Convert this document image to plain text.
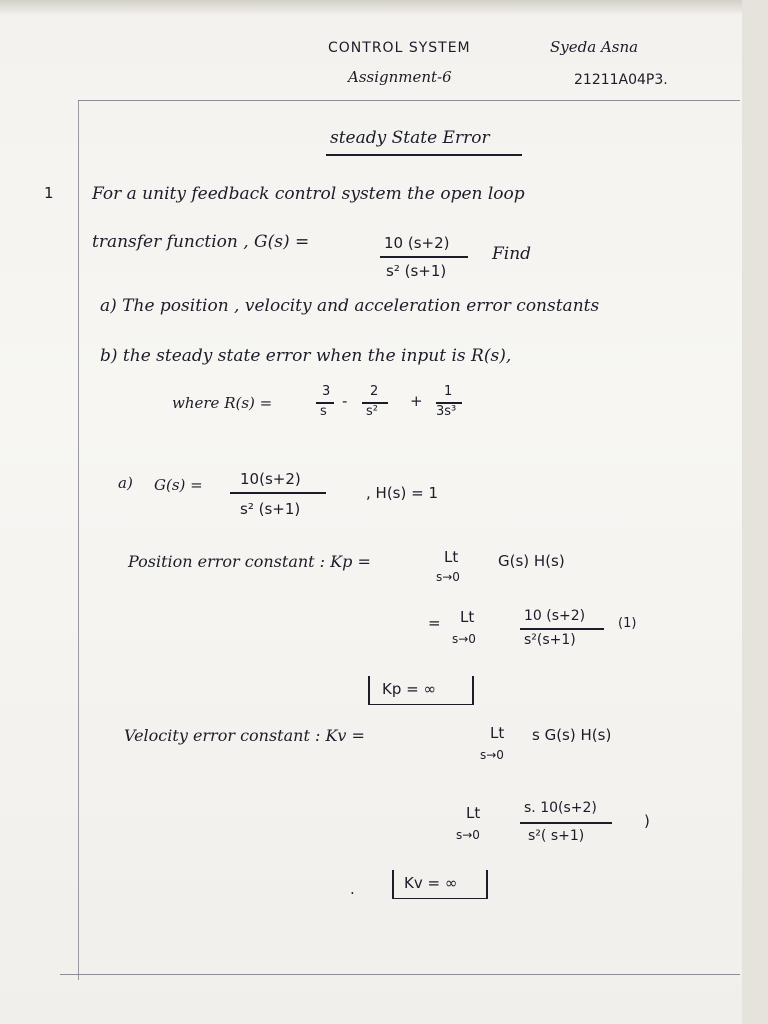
CONTROL SYSTEM
Assignment-6
Syeda Asna
21211A04P3.
steady State Error
1 For a unity feedback control system the open loop
transfer function , G(s) =	10 (s+2)
s² (s+1)
Find
a) The position , velocity and acceleration error constants
b) the steady state error when the input is R(s),
where R(s) =
3
s
-
2
s²
+
1
3s³
a) G(s) = 10(s+2)
s² (s+1)
, H(s) = 1
Position error constant : Kp =	Lt
s→0
G(s) H(s)
= Lt
s→0
10 (s+2)
s²(s+1)
(1)
Kp = ∞
Velocity error constant : Kv =	Lt
s→0
s G(s) H(s)
Lt
s→0
s. 10(s+2)
s²( s+1)
)
.	Kv = ∞
